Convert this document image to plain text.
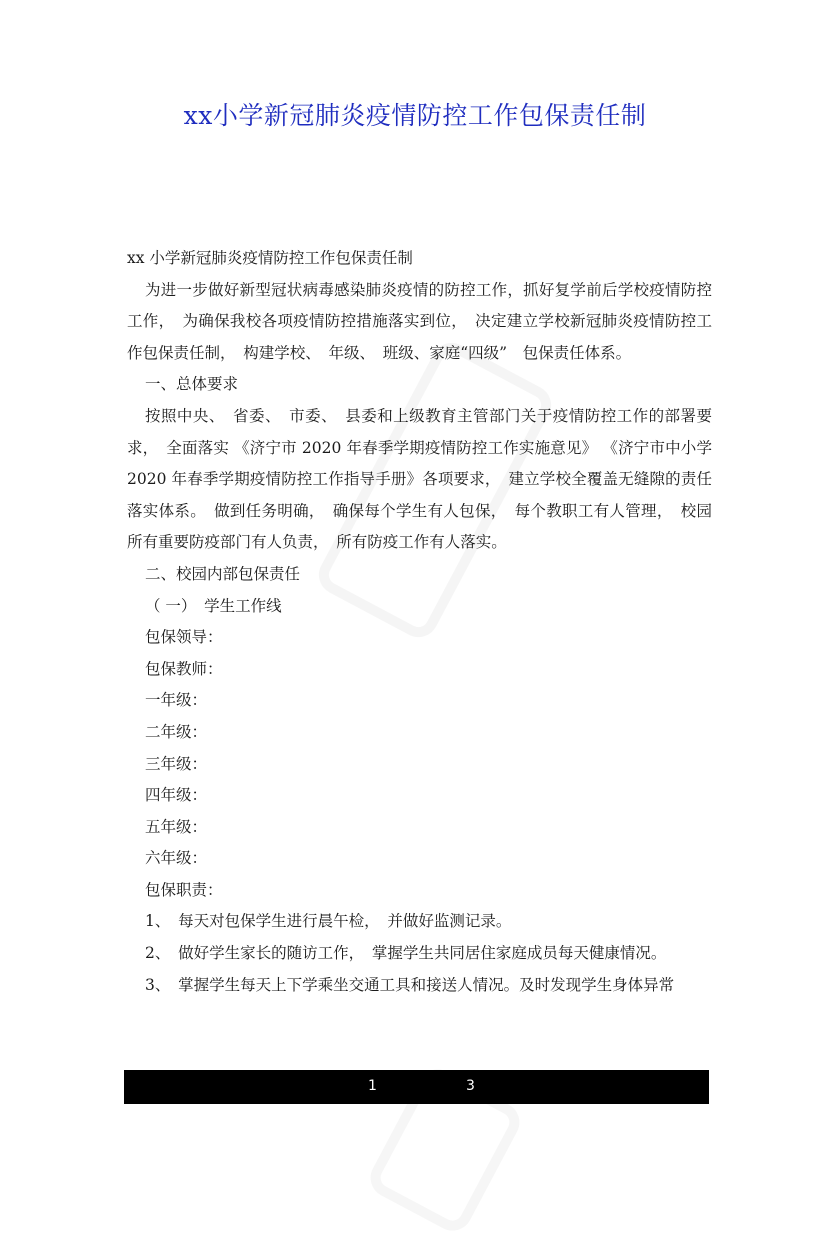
xx小学新冠肺炎疫情防控工作包保责任制

xx 小学新冠肺炎疫情防控工作包保责任制

为进一步做好新型冠状病毒感染肺炎疫情的防控工作，抓好复学前后学校疫情防控工作，　为确保我校各项疫情防控措施落实到位，　决定建立学校新冠肺炎疫情防控工作包保责任制，　构建学校、　年级、　班级、家庭“四级”　包保责任体系。

一、总体要求

按照中央、　省委、　市委、　县委和上级教育主管部门关于疫情防控工作的部署要求，　全面落实 《济宁市 2020 年春季学期疫情防控工作实施意见》 《济宁市中小学 2020 年春季学期疫情防控工作指导手册》各项要求，　建立学校全覆盖无缝隙的责任落实体系。　做到任务明确，　确保每个学生有人包保，　每个教职工有人管理，　校园所有重要防疫部门有人负责，　所有防疫工作有人落实。

二、校园内部包保责任

（ 一）　学生工作线

包保领导：

包保教师：

一年级：

二年级：

三年级：

四年级：

五年级：

六年级：

包保职责：

1、　每天对包保学生进行晨午检，　并做好监测记录。

2、　做好学生家长的随访工作，　掌握学生共同居住家庭成员每天健康情况。

3、　掌握学生每天上下学乘坐交通工具和接送人情况。及时发现学生身体异常

1	3
